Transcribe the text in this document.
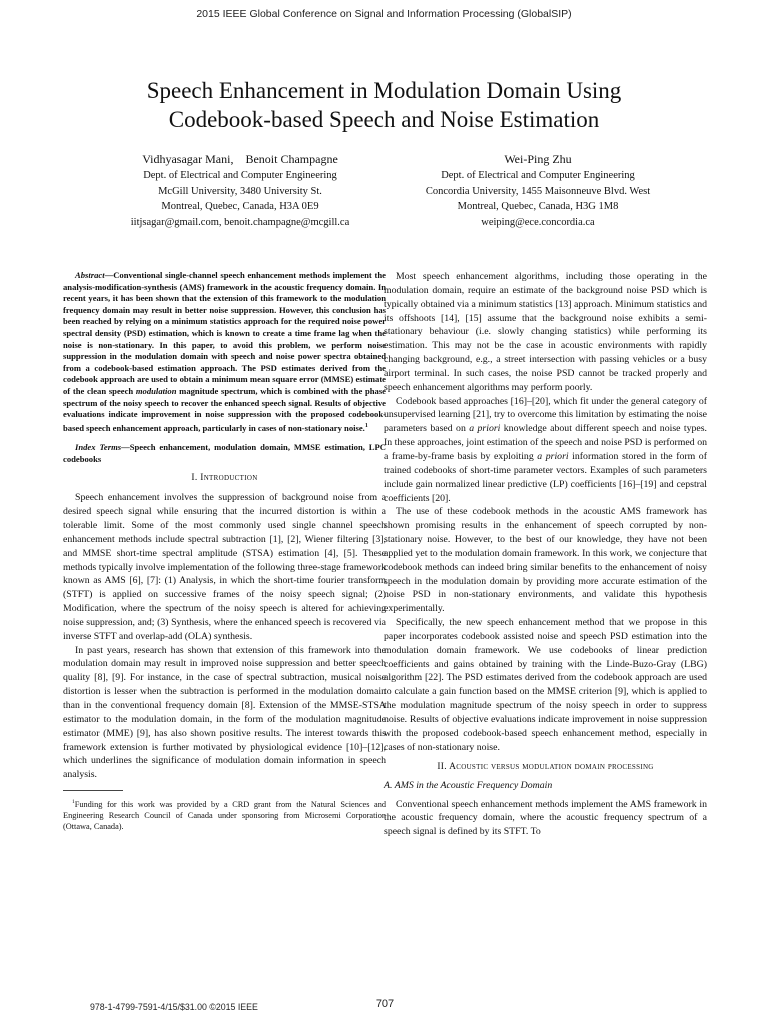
2015 IEEE Global Conference on Signal and Information Processing (GlobalSIP)
Speech Enhancement in Modulation Domain Using
Codebook-based Speech and Noise Estimation
Vidhyasagar Mani, Benoit Champagne
Dept. of Electrical and Computer Engineering
McGill University, 3480 University St.
Montreal, Quebec, Canada, H3A 0E9
iitjsagar@gmail.com, benoit.champagne@mcgill.ca
Wei-Ping Zhu
Dept. of Electrical and Computer Engineering
Concordia University, 1455 Maisonneuve Blvd. West
Montreal, Quebec, Canada, H3G 1M8
weiping@ece.concordia.ca

Abstract—Conventional single-channel speech enhancement methods implement the analysis-modification-synthesis (AMS) framework in the acoustic frequency domain. In recent years, it has been shown that the extension of this framework to the modulation frequency domain may result in better noise suppression. However, this conclusion has been reached by relying on a minimum statistics approach for the required noise power spectral density (PSD) estimation, which is known to create a time frame lag when the noise is non-stationary. In this paper, to avoid this problem, we perform noise suppression in the modulation domain with speech and noise power spectra obtained from a codebook-based estimation approach. The PSD estimates derived from the codebook approach are used to obtain a minimum mean square error (MMSE) estimate of the clean speech modulation magnitude spectrum, which is combined with the phase spectrum of the noisy speech to recover the enhanced speech signal. Results of objective evaluations indicate improvement in noise suppression with the proposed codebook-based speech enhancement approach, particularly in cases of non-stationary noise.$^1$

Index Terms—Speech enhancement, modulation domain, MMSE estimation, LPC codebooks

I. Introduction

Speech enhancement involves the suppression of background noise from a desired speech signal while ensuring that the incurred distortion is within a tolerable limit. Some of the most commonly used single channel speech enhancement methods include spectral subtraction [1], [2], Wiener filtering [3], and MMSE short-time spectral amplitude (STSA) estimation [4], [5]. These methods typically involve implementation of the following three-stage framework known as AMS [6], [7]: (1) Analysis, in which the short-time fourier transform (STFT) is applied on successive frames of the noisy speech signal; (2) Modification, where the spectrum of the noisy speech is altered for achieving noise suppression, and; (3) Synthesis, where the enhanced speech is recovered via inverse STFT and overlap-add (OLA) synthesis.

In past years, research has shown that extension of this framework into the modulation domain may result in improved noise suppression and better speech quality [8], [9]. For instance, in the case of spectral subtraction, musical noise distortion is lesser when the subtraction is performed in the modulation domain than in the conventional frequency domain [8]. Extension of the MMSE-STSA estimator to the modulation domain, in the form of the modulation magnitude estimator (MME) [9], has also shown positive results. The interest towards this framework extension is further motivated by physiological evidence [10]–[12], which underlines the significance of modulation domain information in speech analysis.

$^1$Funding for this work was provided by a CRD grant from the Natural Sciences and Engineering Research Council of Canada under sponsoring from Microsemi Corporation (Ottawa, Canada).

Most speech enhancement algorithms, including those operating in the modulation domain, require an estimate of the background noise PSD which is typically obtained via a minimum statistics [13] approach. Minimum statistics and its offshoots [14], [15] assume that the background noise exhibits a semi-stationary behaviour (i.e. slowly changing statistics) while performing its estimation. This may not be the case in acoustic environments with rapidly changing background, e.g., a street intersection with passing vehicles or a busy airport terminal. In such cases, the noise PSD cannot be tracked properly and speech enhancement algorithms may perform poorly.

Codebook based approaches [16]–[20], which fit under the general category of unsupervised learning [21], try to overcome this limitation by estimating the noise parameters based on a priori knowledge about different speech and noise types. In these approaches, joint estimation of the speech and noise PSD is performed on a frame-by-frame basis by exploiting a priori information stored in the form of trained codebooks of short-time parameter vectors. Examples of such parameters include gain normalized linear predictive (LP) coefficients [16]–[19] and cepstral coefficients [20].

The use of these codebook methods in the acoustic AMS framework has shown promising results in the enhancement of speech corrupted by non-stationary noise. However, to the best of our knowledge, they have not been applied yet to the modulation domain framework. In this work, we conjecture that codebook methods can indeed bring similar benefits to the enhancement of noisy speech in the modulation domain by providing more accurate estimation of the noise PSD in non-stationary environments, and validate this hypothesis experimentally.

Specifically, the new speech enhancement method that we propose in this paper incorporates codebook assisted noise and speech PSD estimation into the modulation domain framework. We use codebooks of linear prediction coefficients and gains obtained by training with the Linde-Buzo-Gray (LBG) algorithm [22]. The PSD estimates derived from the codebook approach are used to calculate a gain function based on the MMSE criterion [9], which is applied to the modulation magnitude spectrum of the noisy speech in order to suppress noise. Results of objective evaluations indicate improvement in noise suppression with the proposed codebook-based speech enhancement method, especially in cases of non-stationary noise.

II. Acoustic versus modulation domain processing
A. AMS in the Acoustic Frequency Domain

Conventional speech enhancement methods implement the AMS framework in the acoustic frequency domain, where the acoustic frequency spectrum of a speech signal is defined by its STFT. To

978-1-4799-7591-4/15/$31.00 ©2015 IEEE	707
